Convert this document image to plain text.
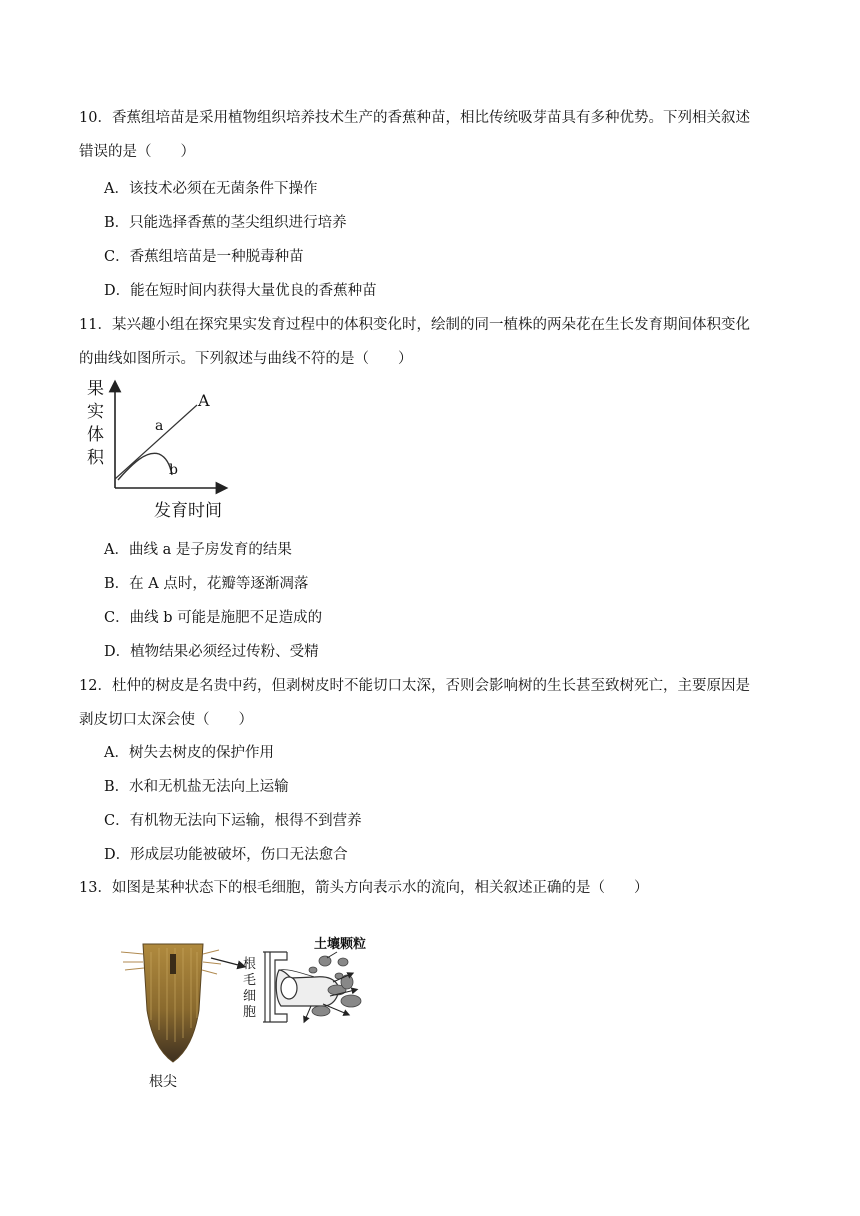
10．香蕉组培苗是采用植物组织培养技术生产的香蕉种苗，相比传统吸芽苗具有多种优势。下列相关叙述
错误的是（　　）
A．该技术必须在无菌条件下操作
B．只能选择香蕉的茎尖组织进行培养
C．香蕉组培苗是一种脱毒种苗
D．能在短时间内获得大量优良的香蕉种苗
11．某兴趣小组在探究果实发育过程中的体积变化时，绘制的同一植株的两朵花在生长发育期间体积变化
的曲线如图所示。下列叙述与曲线不符的是（　　）
果
实
体
积
A
a
b
发育时间
A．曲线 a 是子房发育的结果
B．在 A 点时，花瓣等逐渐凋落
C．曲线 b 可能是施肥不足造成的
D．植物结果必须经过传粉、受精
12．杜仲的树皮是名贵中药，但剥树皮时不能切口太深，否则会影响树的生长甚至致树死亡，主要原因是
剥皮切口太深会使（　　）
A．树失去树皮的保护作用
B．水和无机盐无法向上运输
C．有机物无法向下运输，根得不到营养
D．形成层功能被破坏，伤口无法愈合
13．如图是某种状态下的根毛细胞，箭头方向表示水的流向，相关叙述正确的是（　　）
根尖
根
毛
细
胞
土壤颗粒
